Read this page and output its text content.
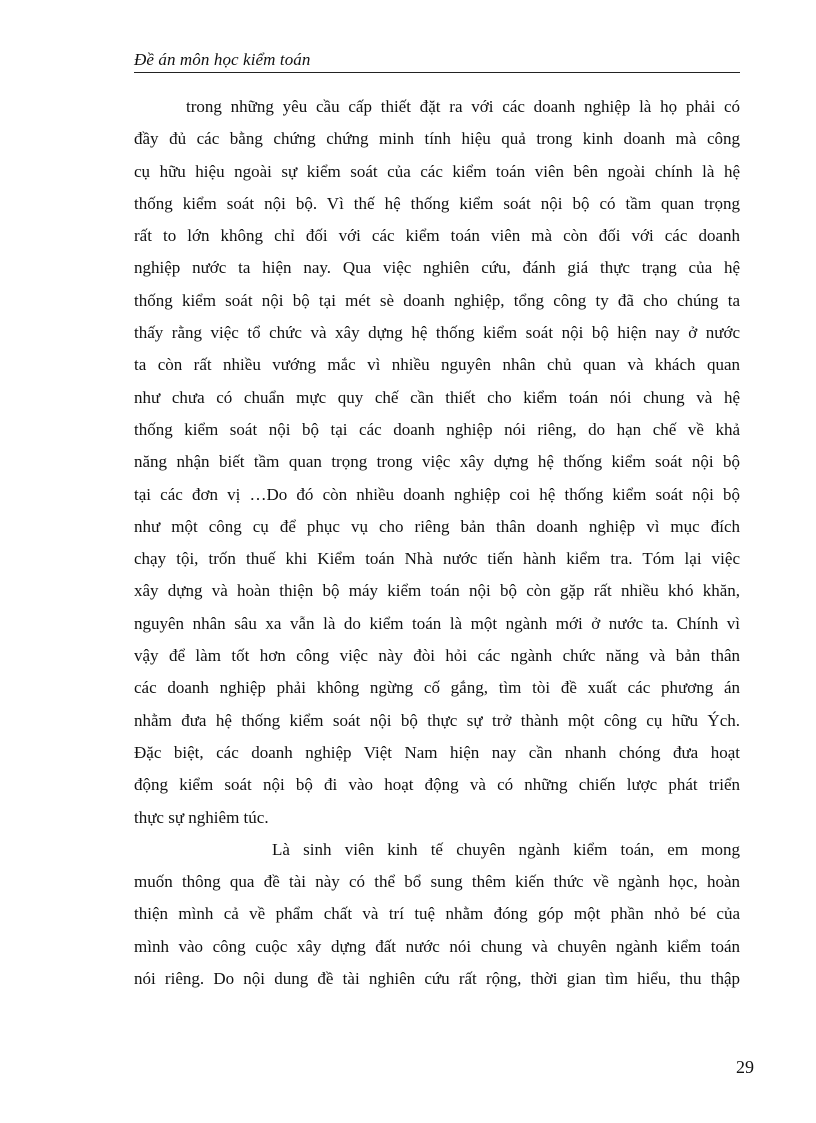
Đề án môn học kiểm toán
trong những yêu cầu cấp thiết đặt ra với các doanh nghiệp là họ phải có
đầy đủ các bằng chứng chứng minh tính hiệu quả trong kinh doanh mà công
cụ hữu hiệu ngoài sự kiểm soát của các kiểm toán viên bên ngoài chính là hệ
thống kiểm soát nội bộ. Vì thế hệ thống kiểm soát nội bộ có tầm quan trọng
rất to lớn không chỉ đối với các kiểm toán viên mà còn đối với các doanh
nghiệp nước ta hiện nay. Qua việc nghiên cứu, đánh giá thực trạng của hệ
thống kiểm soát nội bộ tại mét sè doanh nghiệp, tổng công ty đã cho chúng ta
thấy rằng việc tổ chức và xây dựng hệ thống kiểm soát nội bộ hiện nay ở nước
ta còn rất nhiều vướng mắc vì nhiều nguyên nhân chủ quan và khách quan
như chưa có chuẩn mực quy chế cần thiết cho kiểm toán nói chung và hệ
thống kiểm soát nội bộ tại các doanh nghiệp nói riêng, do hạn chế về khả
năng nhận biết tầm quan trọng trong việc xây dựng hệ thống kiểm soát nội bộ
tại các đơn vị …Do đó còn nhiều doanh nghiệp coi hệ thống kiểm soát nội bộ
như một công cụ để phục vụ cho riêng bản thân doanh nghiệp vì mục đích
chạy tội, trốn thuế khi Kiểm toán Nhà nước tiến hành kiểm tra. Tóm lại việc
xây dựng và hoàn thiện bộ máy kiểm toán nội bộ còn gặp rất nhiều khó khăn,
nguyên nhân sâu xa vẫn là do kiểm toán là một ngành mới ở nước ta. Chính vì
vậy để làm tốt hơn công việc này đòi hỏi các ngành chức năng và bản thân
các doanh nghiệp phải không ngừng cố gắng, tìm tòi đề xuất các phương án
nhằm đưa hệ thống kiểm soát nội bộ thực sự trở thành một công cụ hữu Ých.
Đặc biệt, các doanh nghiệp Việt Nam hiện nay cần nhanh chóng đưa hoạt
động kiểm soát nội bộ đi vào hoạt động và có những chiến lược phát triển
thực sự nghiêm túc.
Là sinh viên kinh tế chuyên ngành kiểm toán, em mong
muốn thông qua đề tài này có thể bổ sung thêm kiến thức về ngành học, hoàn
thiện mình cả về phẩm chất và trí tuệ nhằm đóng góp một phần nhỏ bé của
mình vào công cuộc xây dựng đất nước nói chung và chuyên ngành kiểm toán
nói riêng. Do nội dung đề tài nghiên cứu rất rộng, thời gian tìm hiểu, thu thập
29
